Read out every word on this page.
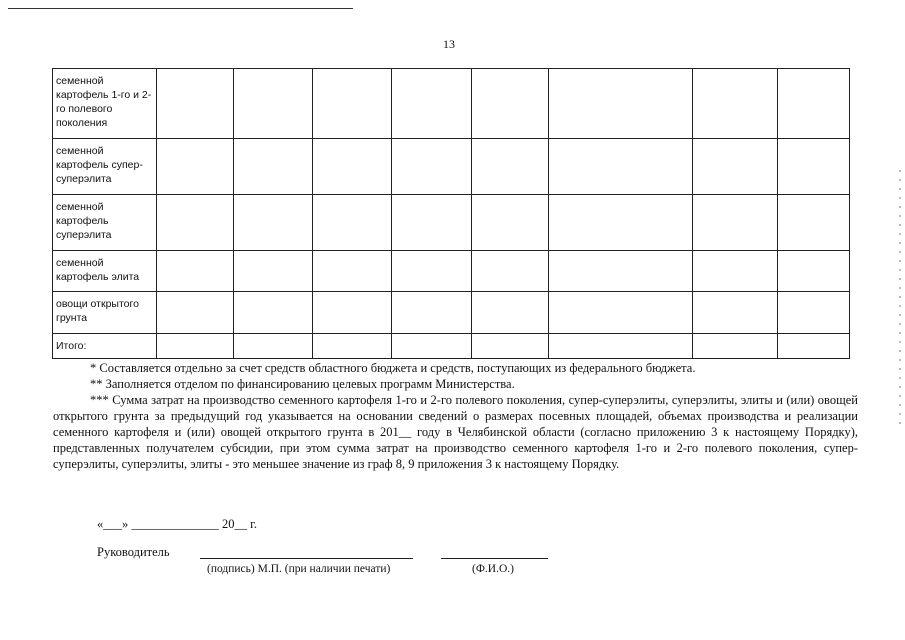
13
семенной картофель 1-го и 2-го полевого поколения								
семенной картофель супер-суперэлита								
семенной картофель суперэлита								
семенной картофель элита								
овощи открытого грунта								
Итого:								

* Составляется отдельно за счет средств областного бюджета и средств, поступающих из федерального бюджета.

** Заполняется отделом по финансированию целевых программ Министерства.

*** Сумма затрат на производство семенного картофеля 1-го и 2-го полевого поколения, супер-суперэлиты, суперэлиты, элиты и (или) овощей открытого грунта за предыдущий год указывается на основании сведений о размерах посевных площадей, объемах производства и реализации семенного картофеля и (или) овощей открытого грунта в 201__ году в Челябинской области (согласно приложению 3 к настоящему Порядку), представленных получателем субсидии, при этом сумма затрат на производство семенного картофеля 1-го и 2-го полевого поколения, супер-суперэлиты, суперэлиты, элиты - это меньшее значение из граф 8, 9 приложения 3 к настоящему Порядку.

«___» ______________ 20__ г.
Руководитель
(подпись) М.П. (при наличии печати)	(Ф.И.О.)
